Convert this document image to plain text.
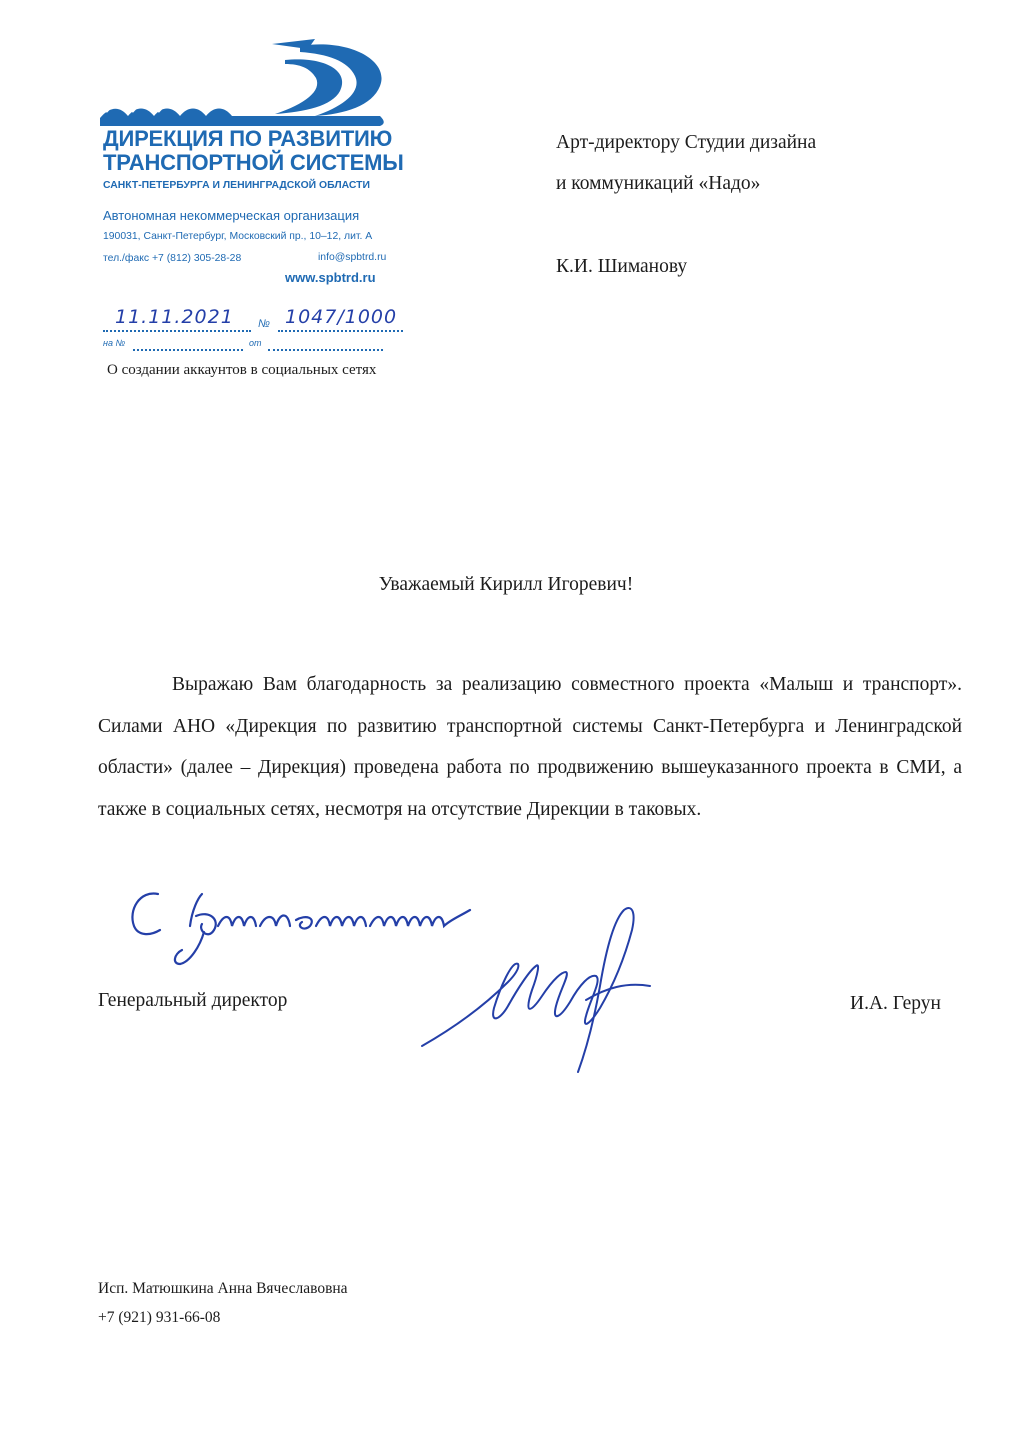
ДИРЕКЦИЯ ПО РАЗВИТИЮ
ТРАНСПОРТНОЙ СИСТЕМЫ
САНКТ-ПЕТЕРБУРГА И ЛЕНИНГРАДСКОЙ ОБЛАСТИ
Автономная некоммерческая организация
190031, Санкт-Петербург, Московский пр., 10–12, лит. А
тел./факс +7 (812) 305-28-28	info@spbtrd.ru
www.spbtrd.ru
11.11.2021 № 1047/1000
на №	от
О создании аккаунтов в социальных сетях
Арт-директору Студии дизайна
и коммуникаций «Надо»
К.И. Шиманову
Уважаемый Кирилл Игоревич!
Выражаю Вам благодарность за реализацию совместного проекта «Малыш и транспорт». Силами АНО «Дирекция по развитию транспортной системы Санкт-Петербурга и Ленинградской области» (далее – Дирекция) проведена работа по продвижению вышеуказанного проекта в СМИ, а также в социальных сетях, несмотря на отсутствие Дирекции в таковых.
Генеральный директор	И.А. Герун
Исп. Матюшкина Анна Вячеславовна
+7 (921) 931-66-08
